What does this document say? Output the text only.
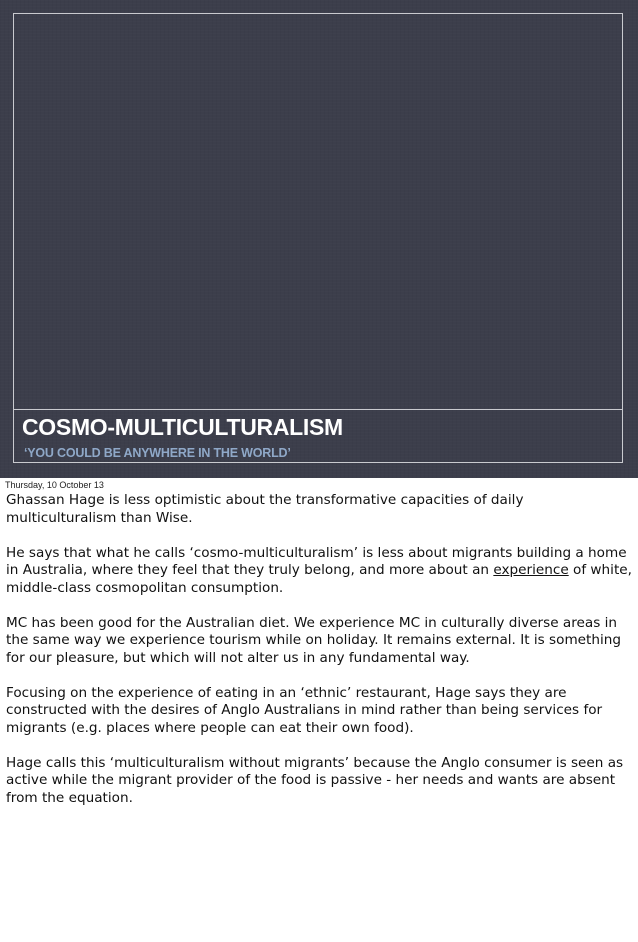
COSMO-MULTICULTURALISM
‘YOU COULD BE ANYWHERE IN THE WORLD’
Thursday, 10 October 13

Ghassan Hage is less optimistic about the transformative capacities of daily multiculturalism than Wise.

He says that what he calls ‘cosmo-multiculturalism’ is less about migrants building a home in Australia, where they feel that they truly belong, and more about an experience of white, middle-class cosmopolitan consumption.

MC has been good for the Australian diet. We experience MC in culturally diverse areas in the same way we experience tourism while on holiday. It remains external. It is something for our pleasure, but which will not alter us in any fundamental way.

Focusing on the experience of eating in an ‘ethnic’ restaurant, Hage says they are constructed with the desires of Anglo Australians in mind rather than being services for migrants (e.g. places where people can eat their own food).

Hage calls this ‘multiculturalism without migrants’ because the Anglo consumer is seen as active while the migrant provider of the food is passive - her needs and wants are absent from the equation.
